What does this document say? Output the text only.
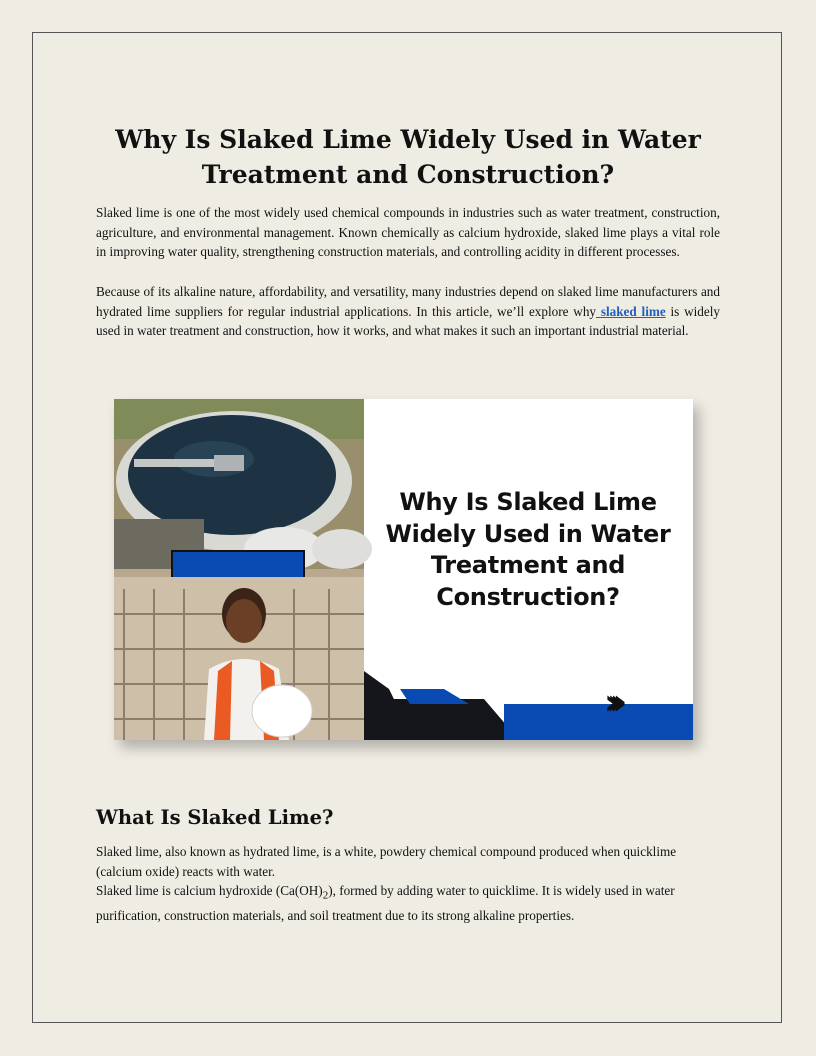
Why Is Slaked Lime Widely Used in Water Treatment and Construction?

Slaked lime is one of the most widely used chemical compounds in industries such as water treatment, construction, agriculture, and environmental management. Known chemically as calcium hydroxide, slaked lime plays a vital role in improving water quality, strengthening construction materials, and controlling acidity in different processes.

Because of its alkaline nature, affordability, and versatility, many industries depend on slaked lime manufacturers and hydrated lime suppliers for regular industrial applications. In this article, we’ll explore why slaked lime is widely used in water treatment and construction, how it works, and what makes it such an important industrial material.

Why Is Slaked Lime Widely Used in Water Treatment and Construction?

››››
What Is Slaked Lime?

Slaked lime, also known as hydrated lime, is a white, powdery chemical compound produced when quicklime (calcium oxide) reacts with water.

Slaked lime is calcium hydroxide $(Ca(OH)_2)$, formed by adding water to quicklime. It is widely used in water purification, construction materials, and soil treatment due to its strong alkaline properties.
